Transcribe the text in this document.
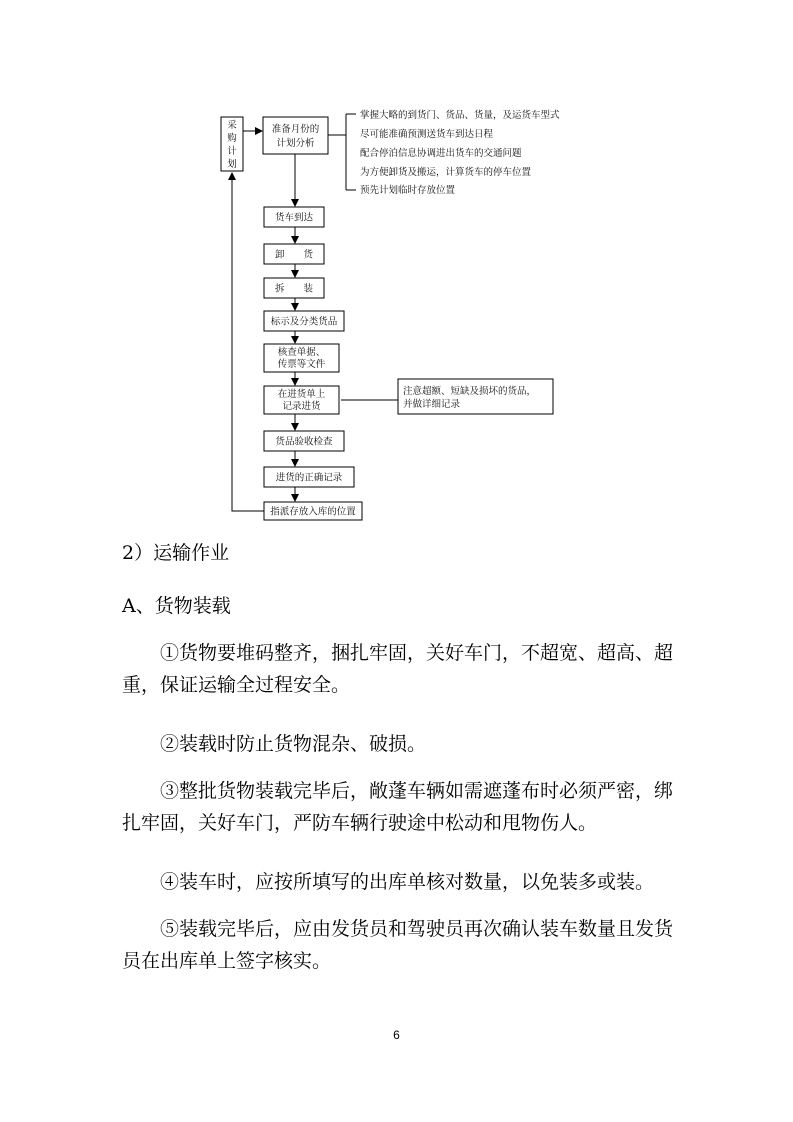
采
购
计
准备月份的
计划分析
掌握大略的到货门、货品、货量，及运货车型式
尽可能准确预测送货车到达日程
配合停泊信息协调进出货车的交通问题
为方便卸货及搬运，计算货车的停车位置
预先计划临时存放位置
货车到达
卸　　货
拆　　装
标示及分类货品
核查单据、
传票等文件
在进货单上
记录进货
货品验收检查
进货的正确记录
指派存放入库的位置
注意超额、短缺及损坏的货品，
并做详细记录
划

2）运输作业

A、货物装载

①货物要堆码整齐，捆扎牢固，关好车门，不超宽、超高、超重，保证运输全过程安全。

②装载时防止货物混杂、破损。

③整批货物装载完毕后，敞蓬车辆如需遮蓬布时必须严密，绑扎牢固，关好车门，严防车辆行驶途中松动和甩物伤人。

④装车时，应按所填写的出库单核对数量，以免装多或装。

⑤装载完毕后，应由发货员和驾驶员再次确认装车数量且发货员在出库单上签字核实。

6
